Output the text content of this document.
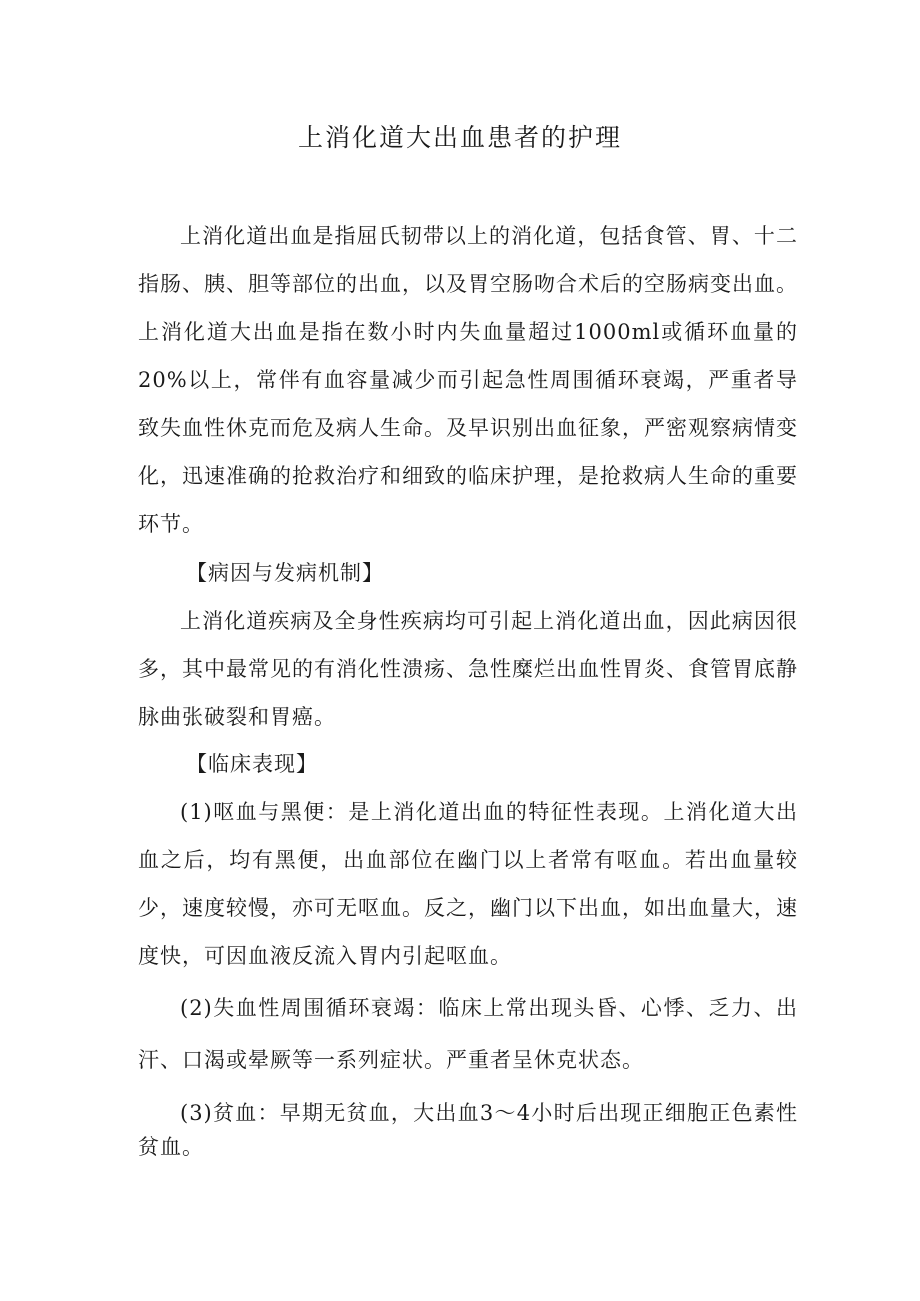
上消化道大出血患者的护理

上消化道出血是指屈氏韧带以上的消化道，包括食管、胃、十二指肠、胰、胆等部位的出血，以及胃空肠吻合术后的空肠病变出血。上消化道大出血是指在数小时内失血量超过1000ml或循环血量的20%以上，常伴有血容量减少而引起急性周围循环衰竭，严重者导致失血性休克而危及病人生命。及早识别出血征象，严密观察病情变化，迅速准确的抢救治疗和细致的临床护理，是抢救病人生命的重要环节。

【病因与发病机制】

上消化道疾病及全身性疾病均可引起上消化道出血，因此病因很多，其中最常见的有消化性溃疡、急性糜烂出血性胃炎、食管胃底静脉曲张破裂和胃癌。

【临床表现】

(1)呕血与黑便：是上消化道出血的特征性表现。上消化道大出血之后，均有黑便，出血部位在幽门以上者常有呕血。若出血量较少，速度较慢，亦可无呕血。反之，幽门以下出血，如出血量大，速度快，可因血液反流入胃内引起呕血。

(2)失血性周围循环衰竭：临床上常出现头昏、心悸、乏力、出汗、口渴或晕厥等一系列症状。严重者呈休克状态。

(3)贫血：早期无贫血，大出血3～4小时后出现正细胞正色素性贫血。
